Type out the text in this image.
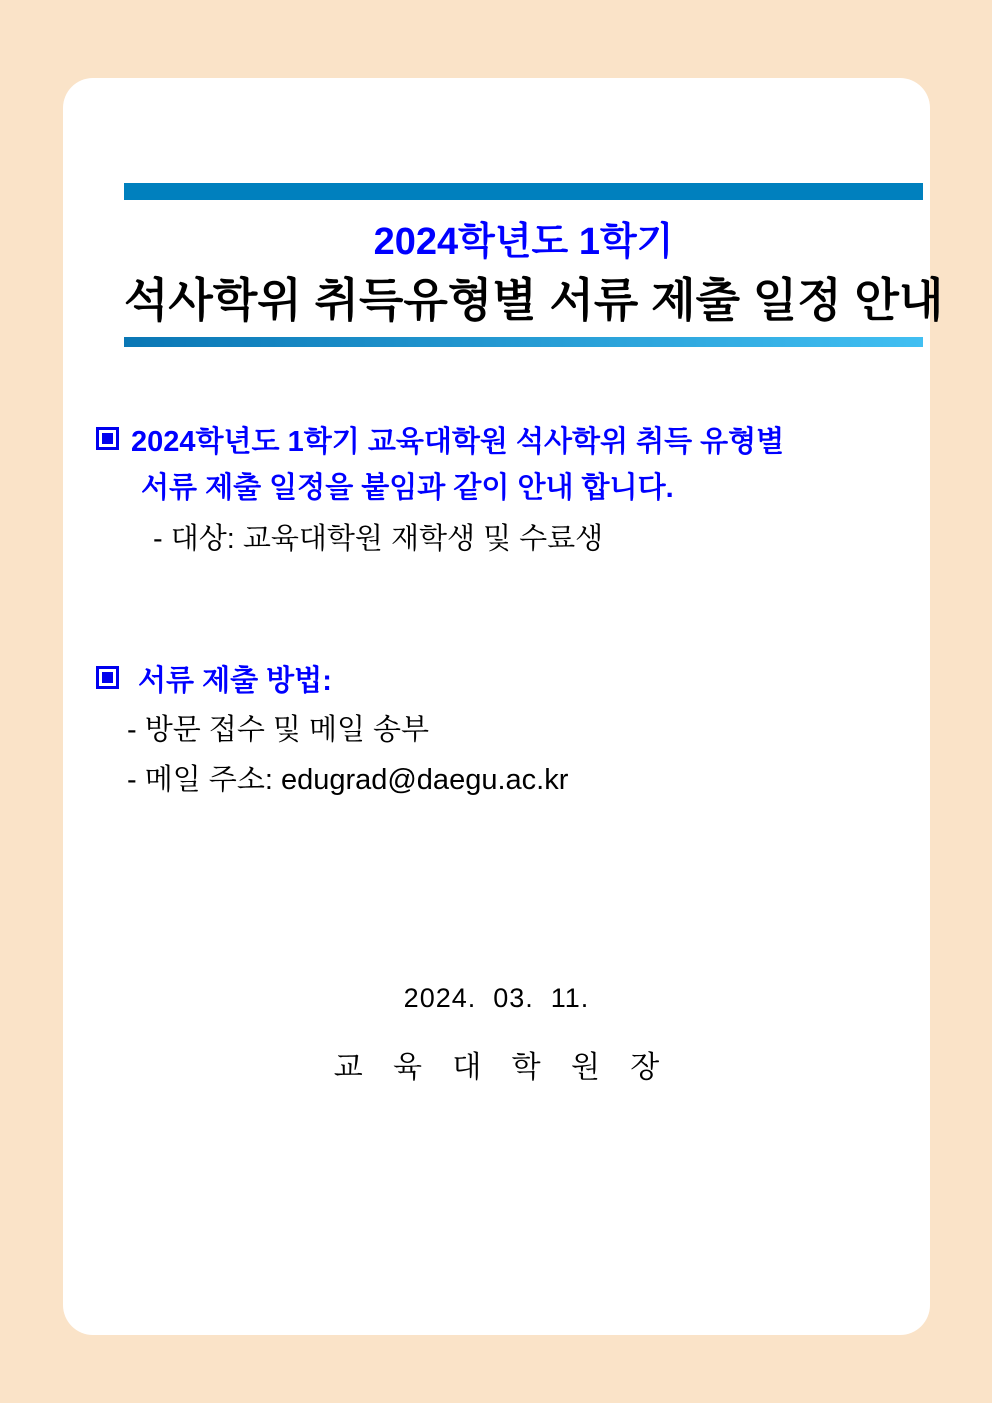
2024학년도 1학기
석사학위 취득유형별 서류 제출 일정 안내
2024학년도 1학기 교육대학원 석사학위 취득 유형별
서류 제출 일정을 붙임과 같이 안내 합니다.
- 대상: 교육대학원 재학생 및 수료생
서류 제출 방법:
- 방문 접수 및 메일 송부
- 메일 주소: edugrad@daegu.ac.kr
2024.  03.  11.
교 육 대 학 원 장
